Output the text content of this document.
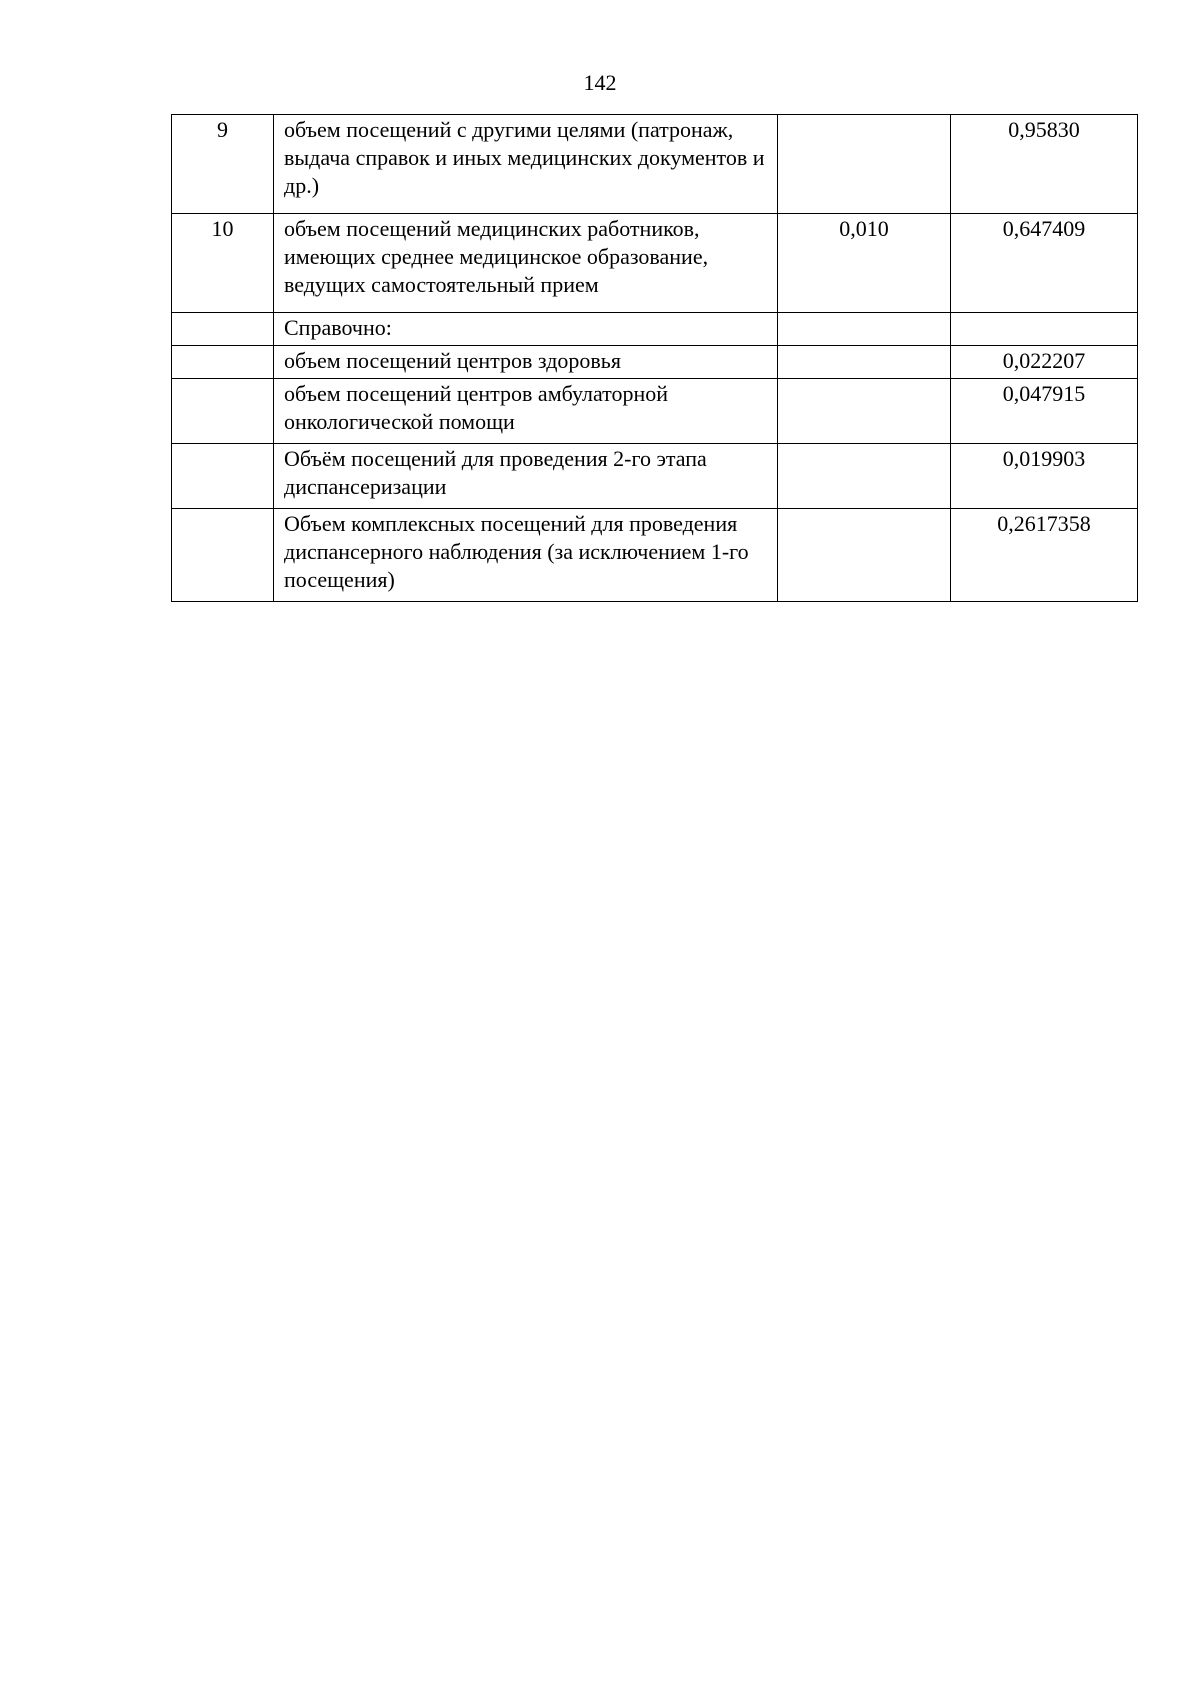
142
9	объем посещений с другими целями (патронаж, выдача справок и иных медицинских документов и др.)		0,95830
10	объем посещений медицинских работников, имеющих среднее медицинское образование, ведущих самостоятельный прием	0,010	0,647409
	Справочно:		
	объем посещений центров здоровья		0,022207
	объем посещений центров амбулаторной онкологической помощи		0,047915
	Объём посещений для проведения 2-го этапа диспансеризации		0,019903
	Объем комплексных посещений для проведения диспансерного наблюдения (за исключением 1-го посещения)		0,2617358
